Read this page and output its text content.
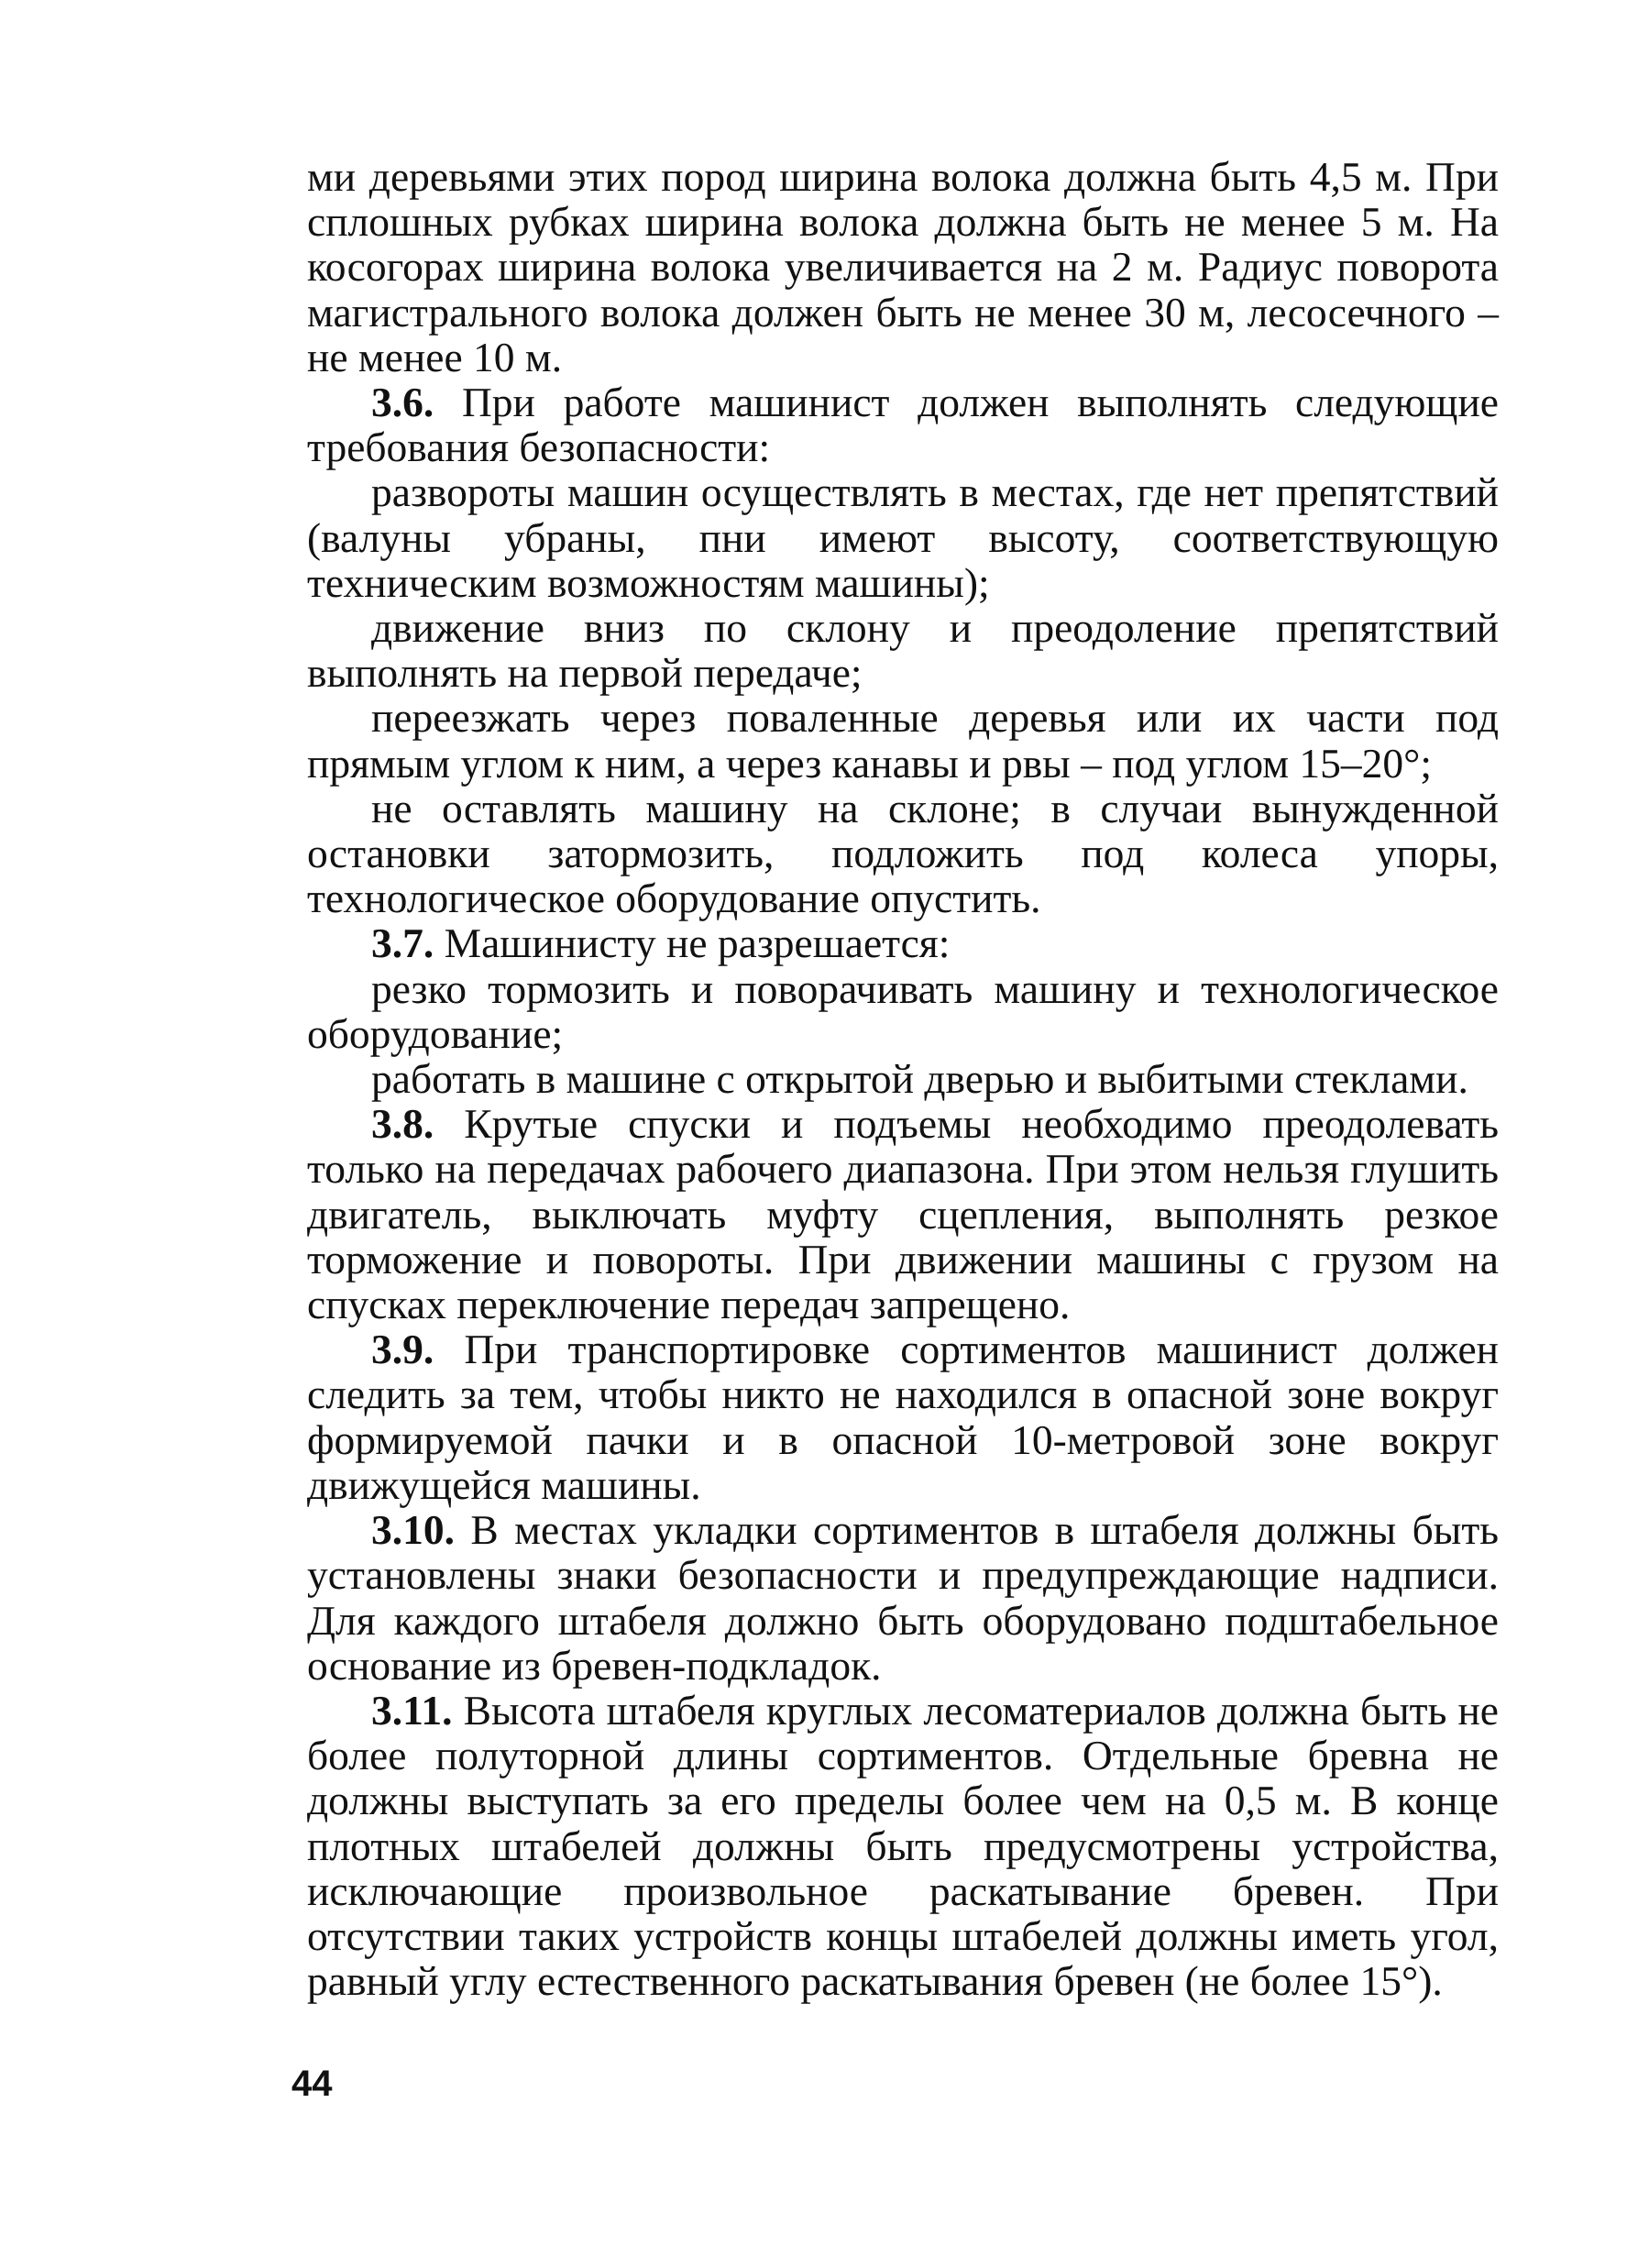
ми деревьями этих пород ширина волока должна быть 4,5 м. При сплошных рубках ширина волока должна быть не менее 5 м. На косогорах ширина волока увеличивается на 2 м. Радиус поворота магистрального волока должен быть не менее 30 м, лесосечного – не менее 10 м.

3.6. При работе машинист должен выполнять следующие требования безопасности:

развороты машин осуществлять в местах, где нет препятствий (валуны убраны, пни имеют высоту, соответствующую техническим возможностям машины);

движение вниз по склону и преодоление препятствий выполнять на первой передаче;

переезжать через поваленные деревья или их части под прямым углом к ним, а через канавы и рвы – под углом 15–20°;

не оставлять машину на склоне; в случаи вынужденной остановки затормозить, подложить под колеса упоры, технологическое оборудование опустить.

3.7. Машинисту не разрешается:

резко тормозить и поворачивать машину и технологическое оборудование;

работать в машине с открытой дверью и выбитыми стеклами.

3.8. Крутые спуски и подъемы необходимо преодолевать только на передачах рабочего диапазона. При этом нельзя глушить двигатель, выключать муфту сцепления, выполнять резкое торможение и повороты. При движении машины с грузом на спусках переключение передач запрещено.

3.9. При транспортировке сортиментов машинист должен следить за тем, чтобы никто не находился в опасной зоне вокруг формируемой пачки и в опасной 10-метровой зоне вокруг движущейся машины.

3.10. В местах укладки сортиментов в штабеля должны быть установлены знаки безопасности и предупреждающие надписи. Для каждого штабеля должно быть оборудовано подштабельное основание из бревен-подкладок.

3.11. Высота штабеля круглых лесоматериалов должна быть не более полуторной длины сортиментов. Отдельные бревна не должны выступать за его пределы более чем на 0,5 м. В конце плотных штабелей должны быть предусмотрены устройства, исключающие произвольное раскатывание бревен. При отсутствии таких устройств концы штабелей должны иметь угол, равный углу естественного раскатывания бревен (не более 15°).

44
